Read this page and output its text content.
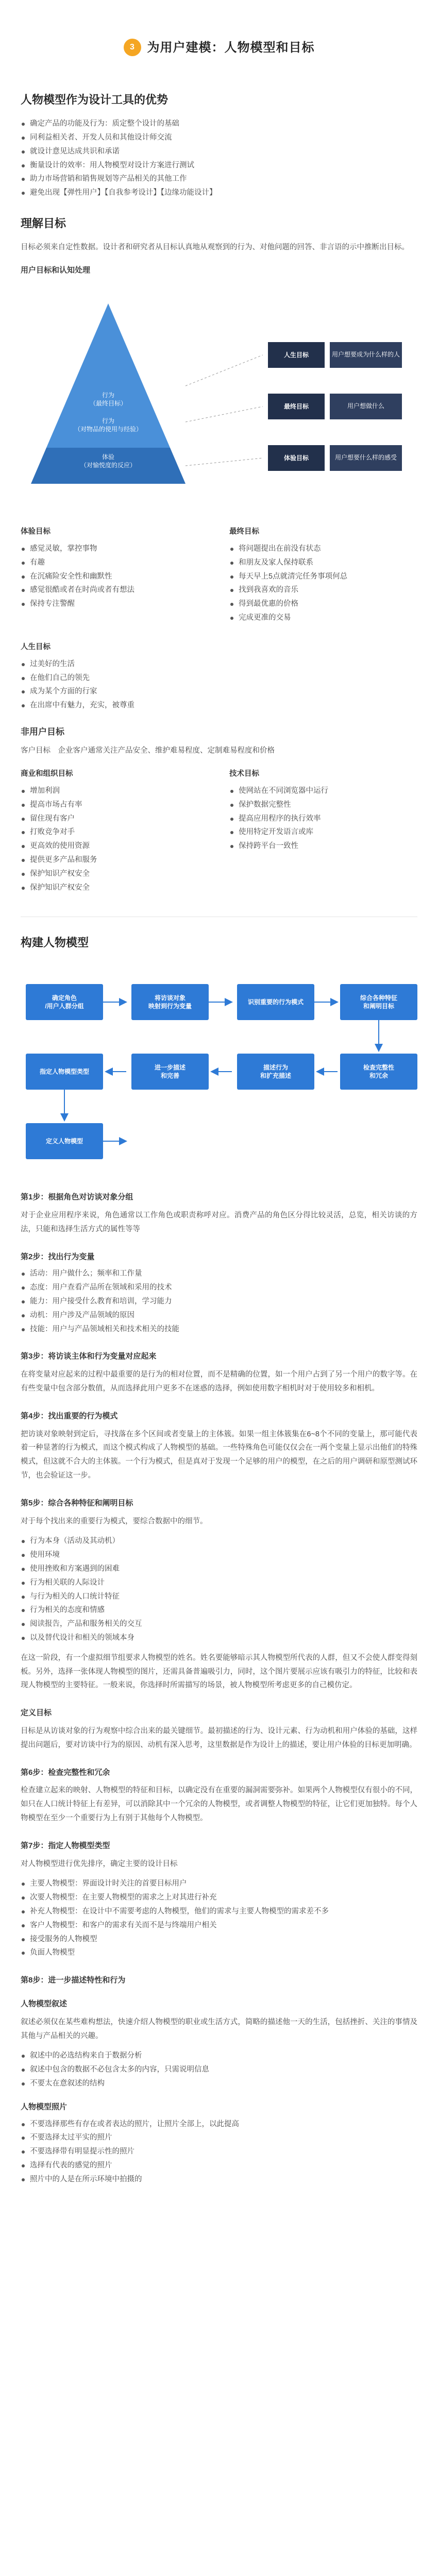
3	为用户建模：人物模型和目标
人物模型作为设计工具的优势
确定产品的功能及行为：质定整个设计的基础
同利益相关者、开发人员和其他设计师交流
就设计意见达成共识和承诺
衡量设计的效率：用人物模型对设计方案进行测试
助力市场营销和销售规划等产品相关的其他工作
避免出现【弹性用户】【自我参考设计】【边缘功能设计】
理解目标

目标必须来自定性数据。设计者和研究者从目标认真地从观察到的行为、对他问题的回答、非言语的示中推断出目标。

用户目标和认知处理
行为
（最终目标）
行为
（对物品的使用与经验）
体验
（对愉悦度的反应）
人生目标	用户想要成为什么样的人
最终目标	用户想做什么
体验目标	用户想要什么样的感受
体验目标
感觉灵敏，掌控事物
有趣
在沉痛险安全性和幽默性
感觉很酷或者在时尚或者有想法
保持专注警醒
最终目标
将问题提出在前没有状态
和朋友及家人保持联系
每天早上5点就清完任务事项何总
找到我喜欢的音乐
得到最优惠的价格
完成更准的交易
人生目标
过美好的生活
在他们自己的领先
成为某个方面的行家
在出席中有魅力，充实，被尊重
非用户目标

客户目标　企业客户通常关注产品安全、维护难易程度、定制难易程度和价格

商业和组织目标
增加利润
提高市场占有率
留住现有客户
打败竞争对手
更高效的使用资源
提供更多产品和服务
保护知识产权安全
保护知识产权安全
技术目标
使网站在不同浏览器中运行
保护数据完整性
提高应用程序的执行效率
使用特定开发语言或库
保持跨平台一致性
构建人物模型
确定角色
/用户人群分组
将访谈对象
映射到行为变量
识别重要的行为模式
综合各种特征
和阐明目标
检查完整性
和冗余
描述行为
和扩充描述
进一步描述
和完善
指定人物模型类型
定义人物模型
第1步：根据角色对访谈对象分组

对于企业应用程序来说，角色通常以工作角色或职责称呼对应。消费产品的角色区分得比较灵活，总览，相关访谈的方法，只能和选择生活方式的属性等等

第2步：找出行为变量
活动：用户做什么；频率和工作量
态度：用户查看产品所在领域和采用的技术
能力：用户接受什么教育和培训，学习能力
动机：用户涉及产品领域的原因
技能：用户与产品领域相关和技术相关的技能
第3步：将访谈主体和行为变量对应起来

在将变量对应起来的过程中最重要的是行为的相对位置，而不是精确的位置，如一个用户占到了另一个用户的数字等。在有些变量中包含部分数值，从而选择此用户更多不在迷惑的选择，例如使用数字相机时对于使用较多和相机。

第4步：找出重要的行为模式

把访谈对象映射到定后，寻找落在多个区间或者变量上的主体簇。如果一组主体簇集在6~8个不同的变量上，那可能代表着一种显著的行为模式，而这个模式构成了人物模型的基础。一些特殊角色可能仅仅会在一两个变量上显示出他们的特殊模式，但这就不合大的主体簇。一个行为模式，但是真对于发现一个足够的用户的模型，在之后的用户调研和原型测试环节，也会验证这一步。

第5步：综合各种特征和阐明目标

对于每个找出来的重要行为模式，要综合数据中的细节。

行为本身（活动及其动机）
使用环境
使用挫败和方案遇到的困难
行为相关联的人际设计
与行为相关的人口统计特征
行为相关的态度和情感
阅读报告，产品和服务相关的交互
以及替代设计和相关的领域本身

在这一阶段，有一个虚拟细节组要求人物模型的姓名。姓名要能够暗示其人物模型所代表的人群，但又不会使人群变得刻板。另外，选择一张体现人物模型的图片，还需具备普遍吸引力，同时，这个图片要展示应该有吸引力的特征，比较和表现人物模型的主要特征。一般来说，你选择时所需描写的场景，被人物模型所考虑更多的自己模仿定。

定义目标

目标是从访谈对象的行为观察中综合出来的最关键细节。最初描述的行为、设计元素、行为动机和用户体验的基础，这样提出问题后，要对访谈中行为的原因、动机有深入思考，这里数据是作为设计上的描述，要让用户体验的目标更加明确。

第6步：检查完整性和冗余

检查建立起来的映射、人物模型的特征和目标，以确定没有在重要的漏洞需要弥补。如果两个人物模型仅有很小的不同，如只在人口统计特征上有差异，可以消除其中一个冗余的人物模型，或者调整人物模型的特征，让它们更加独特。每个人物模型在至少一个重要行为上有别于其他每个人物模型。

第7步：指定人物模型类型

对人物模型进行优先排序，确定主要的设计目标

主要人物模型：界面设计时关注的首要目标用户
次要人物模型：在主要人物模型的需求之上对其进行补充
补充人物模型：在设计中不需要考虑的人物模型，他们的需求与主要人物模型的需求差不多
客户人物模型：和客户的需求有关而不是与终端用户相关
接受服务的人物模型
负面人物模型
第8步：进一步描述特性和行为
人物模型叙述

叙述必须仅在某些难构想法，快速介绍人物模型的职业或生活方式，简略的描述他一天的生活，包括挫折、关注的事情及其他与产品相关的兴趣。

叙述中的必选结构来自于数据分析
叙述中包含的数据不必包含太多的内容，只需说明信息
不要太在意叙述的结构
人物模型照片
不要选择那些有存在或者表达的照片，让照片全部上，以此提高
不要选择太过平实的照片
不要选择带有明显提示性的照片
选择有代表的感觉的照片
照片中的人是在所示环境中拍摄的
